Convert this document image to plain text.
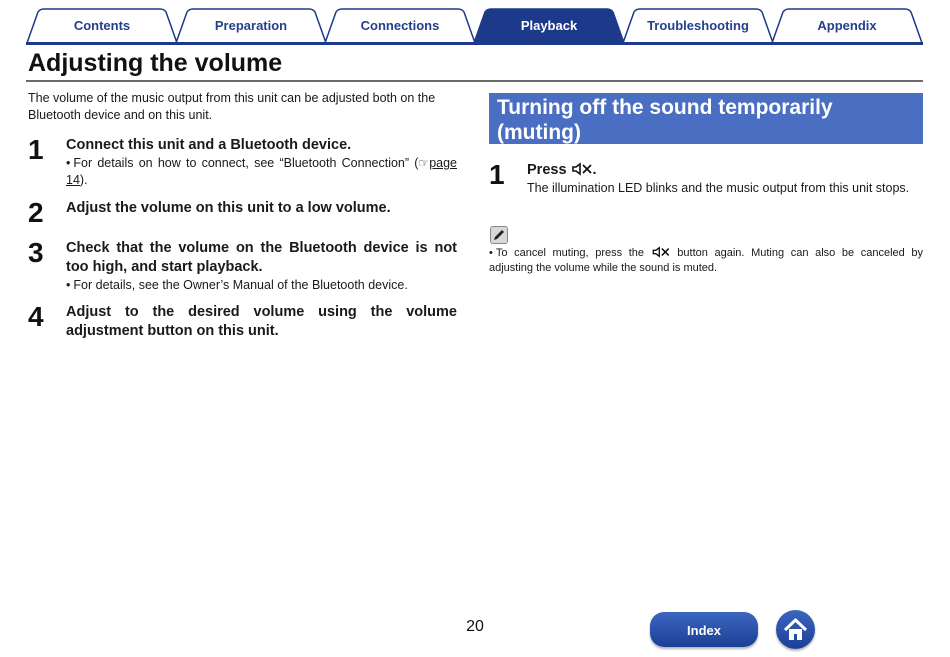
Contents	Preparation	Connections	Playback	Troubleshooting	Appendix
Adjusting the volume

The volume of the music output from this unit can be adjusted both on the Bluetooth device and on this unit.

1 Connect this unit and a Bluetooth device.

• For details on how to connect, see “Bluetooth Connection” (☞page 14).

2 Adjust the volume on this unit to a low volume.

3 Check that the volume on the Bluetooth device is not too high, and start playback.

• For details, see the Owner’s Manual of the Bluetooth device.

4 Adjust to the desired volume using the volume adjustment button on this unit.

Turning off the sound temporarily (muting)
1 Press .

The illumination LED blinks and the music output from this unit stops.

• To cancel muting, press the	button again. Muting can also be canceled by adjusting the volume while the sound is muted.

20	Index
